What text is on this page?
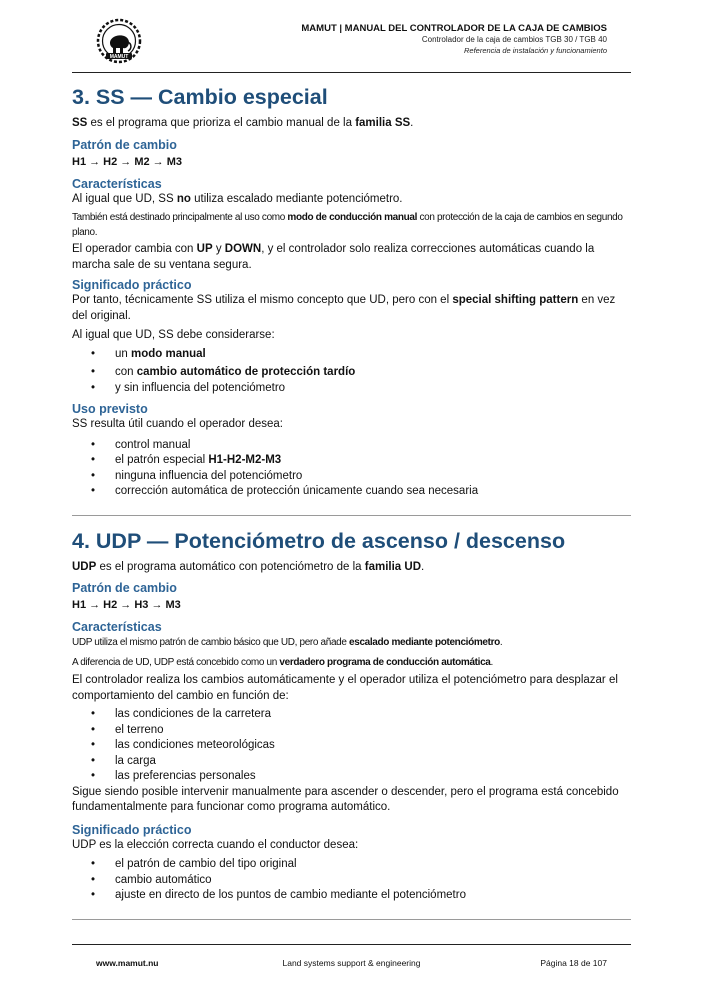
MAMUT
MAMUT | MANUAL DEL CONTROLADOR DE LA CAJA DE CAMBIOS
Controlador de la caja de cambios TGB 30 / TGB 40
Referencia de instalación y funcionamiento
3. SS — Cambio especial

SS es el programa que prioriza el cambio manual de la familia SS.

Patrón de cambio

H1 → H2 → M2 → M3

Características

Al igual que UD, SS no utiliza escalado mediante potenciómetro.

También está destinado principalmente al uso como modo de conducción manual con protección de la caja de cambios en segundo plano.

El operador cambia con UP y DOWN, y el controlador solo realiza correcciones automáticas cuando la marcha sale de su ventana segura.

Significado práctico

Por tanto, técnicamente SS utiliza el mismo concepto que UD, pero con el special shifting pattern en vez del original.

Al igual que UD, SS debe considerarse:

• un modo manual
• con cambio automático de protección tardío
• y sin influencia del potenciómetro

Uso previsto

SS resulta útil cuando el operador desea:

• control manual
• el patrón especial H1-H2-M2-M3
• ninguna influencia del potenciómetro
• corrección automática de protección únicamente cuando sea necesaria
4. UDP — Potenciómetro de ascenso / descenso

UDP es el programa automático con potenciómetro de la familia UD.

Patrón de cambio

H1 → H2 → H3 → M3

Características

UDP utiliza el mismo patrón de cambio básico que UD, pero añade escalado mediante potenciómetro.

A diferencia de UD, UDP está concebido como un verdadero programa de conducción automática.

El controlador realiza los cambios automáticamente y el operador utiliza el potenciómetro para desplazar el comportamiento del cambio en función de:

• las condiciones de la carretera
• el terreno
• las condiciones meteorológicas
• la carga
• las preferencias personales

Sigue siendo posible intervenir manualmente para ascender o descender, pero el programa está concebido fundamentalmente para funcionar como programa automático.

Significado práctico

UDP es la elección correcta cuando el conductor desea:

• el patrón de cambio del tipo original
• cambio automático
• ajuste en directo de los puntos de cambio mediante el potenciómetro
www.mamut.nu	Land systems support & engineering	Página 18 de 107
